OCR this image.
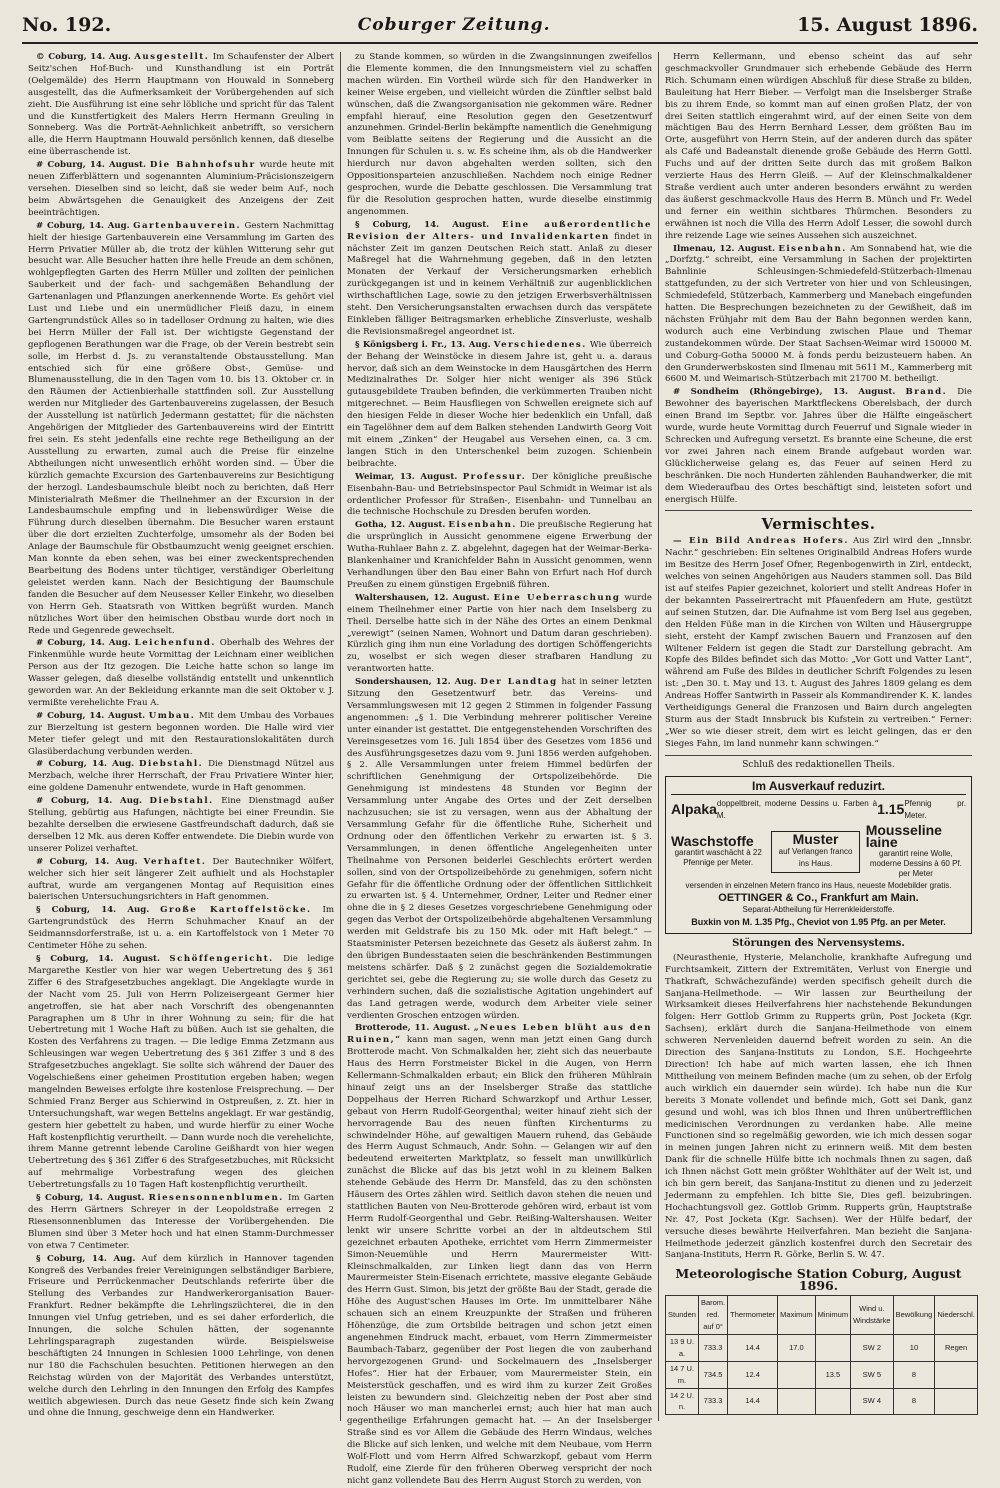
No. 192.	Coburger Zeitung.	15. August 1896.

© Coburg, 14. Aug. Ausgestellt. Im Schaufenster der Albert Seitz'schen Hof-Buch- und Kunsthandlung ist ein Porträt (Oelgemälde) des Herrn Hauptmann von Houwald in Sonneberg ausgestellt, das die Aufmerksamkeit der Vorübergehenden auf sich zieht. Die Ausführung ist eine sehr löbliche und spricht für das Talent und die Kunstfertigkeit des Malers Herrn Hermann Greuling in Sonneberg. Was die Porträt-Aehnlichkeit anbetrifft, so versichern alle, die Herrn Hauptmann Houwald persönlich kennen, daß dieselbe eine überraschende ist.

# Coburg, 14. August. Die Bahnhofsuhr wurde heute mit neuen Zifferblättern und sogenannten Aluminium-Präcisionszeigern versehen. Dieselben sind so leicht, daß sie weder beim Auf-, noch beim Abwärtsgehen die Genauigkeit des Anzeigens der Zeit beeinträchtigen.

# Coburg, 14. Aug. Gartenbauverein. Gestern Nachmittag hielt der hiesige Gartenbauverein eine Versammlung im Garten des Herrn Privatier Müller ab, die trotz der kühlen Witterung sehr gut besucht war. Alle Besucher hatten ihre helle Freude an dem schönen, wohlgepflegten Garten des Herrn Müller und zollten der peinlichen Sauberkeit und der fach- und sachgemäßen Behandlung der Gartenanlagen und Pflanzungen anerkennende Worte. Es gehört viel Lust und Liebe und ein unermüdlicher Fleiß dazu, in einem Gartengrundstück Alles so in tadelloser Ordnung zu halten, wie dies bei Herrn Müller der Fall ist. Der wichtigste Gegenstand der gepflogenen Berathungen war die Frage, ob der Verein bestrebt sein solle, im Herbst d. Js. zu veranstaltende Obstausstellung. Man entschied sich für eine größere Obst-, Gemüse- und Blumenausstellung, die in den Tagen vom 10. bis 13. Oktober cr. in den Räumen der Actienbierhalle stattfinden soll. Zur Ausstellung werden nur Mitglieder des Gartenbauvereins zugelassen, der Besuch der Ausstellung ist natürlich Jedermann gestattet; für die nächsten Angehörigen der Mitglieder des Gartenbauvereins wird der Eintritt frei sein. Es steht jedenfalls eine rechte rege Betheiligung an der Ausstellung zu erwarten, zumal auch die Preise für einzelne Abtheilungen nicht unwesentlich erhöht worden sind. — Über die kürzlich gemachte Excursion des Gartenbauvereins zur Besichtigung der herzogl. Landesbaumschule bleibt noch zu berichten, daß Herr Ministerialrath Meßmer die Theilnehmer an der Excursion in der Landesbaumschule empfing und in liebenswürdiger Weise die Führung durch dieselben übernahm. Die Besucher waren erstaunt über die dort erzielten Zuchterfolge, umsomehr als der Boden bei Anlage der Baumschule für Obstbaumzucht wenig geeignet erschien. Man konnte da eben sehen, was bei einer zweckentsprechenden Bearbeitung des Bodens unter tüchtiger, verständiger Oberleitung geleistet werden kann. Nach der Besichtigung der Baumschule fanden die Besucher auf dem Neusesser Keller Einkehr, wo dieselben von Herrn Geh. Staatsrath von Wittken begrüßt wurden. Manch nützliches Wort über den heimischen Obstbau wurde dort noch in Rede und Gegenrede gewechselt.

# Coburg, 14. Aug. Leichenfund. Oberhalb des Wehres der Finkenmühle wurde heute Vormittag der Leichnam einer weiblichen Person aus der Itz gezogen. Die Leiche hatte schon so lange im Wasser gelegen, daß dieselbe vollständig entstellt und unkenntlich geworden war. An der Bekleidung erkannte man die seit Oktober v. J. vermißte verehelichte Frau A.

# Coburg, 14. August. Umbau. Mit dem Umbau des Vorbaues zur Bierzeltung ist gestern begonnen worden. Die Halle wird vier Meter tiefer gelegt und mit den Restaurationslokalitäten durch Glasüberdachung verbunden werden.

# Coburg, 14. Aug. Diebstahl. Die Dienstmagd Nützel aus Merzbach, welche ihrer Herrschaft, der Frau Privatiere Winter hier, eine goldene Damenuhr entwendete, wurde in Haft genommen.

# Coburg, 14. Aug. Diebstahl. Eine Dienstmagd außer Stellung, gebürtig aus Hafungen, nächtigte bei einer Freundin. Sie bezahlte derselben die erwiesene Gastfreundschaft dadurch, daß sie derselben 12 Mk. aus deren Koffer entwendete. Die Diebin wurde von unserer Polizei verhaftet.

# Coburg, 14. Aug. Verhaftet. Der Bautechniker Wölfert, welcher sich hier seit längerer Zeit aufhielt und als Hochstapler auftrat, wurde am vergangenen Montag auf Requisition eines baierischen Untersuchungsrichters in Haft genommen.

§ Coburg, 14. Aug. Große Kartoffelstöcke. Im Gartengrundstück des Herrn Schuhmacher Knauf an der Seidmannsdorferstraße, ist u. a. ein Kartoffelstock von 1 Meter 70 Centimeter Höhe zu sehen.

§ Coburg, 14. August. Schöffengericht. Die ledige Margarethe Kestler von hier war wegen Uebertretung des § 361 Ziffer 6 des Strafgesetzbuches angeklagt. Die Angeklagte wurde in der Nacht vom 25. Juli von Herrn Polizeisergeant Germer hier angetroffen, sie hat aber nach Vorschrift des obengenannten Paragraphen um 8 Uhr in ihrer Wohnung zu sein; für die hat Uebertretung mit 1 Woche Haft zu büßen. Auch ist sie gehalten, die Kosten des Verfahrens zu tragen. — Die ledige Emma Zetzmann aus Schleusingen war wegen Uebertretung des § 361 Ziffer 3 und 8 des Strafgesetzbuches angeklagt. Sie sollte sich während der Dauer des Vogelschießens einer geheimen Prostitution ergeben haben; wegen mangelnden Beweises erfolgte ihre kostenlose Freisprechung. — Der Schmied Franz Berger aus Schierwind in Ostpreußen, z. Zt. hier in Untersuchungshaft, war wegen Bettelns angeklagt. Er war geständig, gestern hier gebettelt zu haben, und wurde hierfür zu einer Woche Haft kostenpflichtig verurtheilt. — Dann wurde noch die verehelichte, ihrem Manne getrennt lebende Caroline Geißhardt von hier wegen Uebertretung des § 361 Ziffer 6 des Strafgesetzbuches, mit Rücksicht auf mehrmalige Vorbestrafung wegen des gleichen Uebertretungsfalls zu 10 Tagen Haft kostenpflichtig verurtheilt.

§ Coburg, 14. August. Riesensonnenblumen. Im Garten des Herrn Gärtners Schreyer in der Leopoldstraße erregen 2 Riesensonnenblumen das Interesse der Vorübergehenden. Die Blumen sind über 3 Meter hoch und hat einen Stamm-Durchmesser von etwa 7 Centimeter.

§ Coburg, 14. Aug. Auf dem kürzlich in Hannover tagenden Kongreß des Verbandes freier Vereinigungen selbständiger Barbiere, Friseure und Perrückenmacher Deutschlands referirte über die Stellung des Verbandes zur Handwerkerorganisation Bauer-Frankfurt. Redner bekämpfte die Lehrlingszüchterei, die in den Innungen viel Unfug getrieben, und es sei daher erforderlich, die Innungen, die solche Schulen hätten, der sogenannte Lehrlingsparagraph zugestanden würde. Beispielsweise beschäftigten 24 Innungen in Schlesien 1000 Lehrlinge, von denen nur 180 die Fachschulen besuchten. Petitionen hierwegen an den Reichstag würden von der Majorität des Verbandes unterstützt, welche durch den Lehrling in den Innungen den Erfolg des Kampfes weitlich abgewiesen. Durch das neue Gesetz finde sich kein Zwang und ohne die Innung, geschweige denn ein Handwerker.

zu Stande kommen, so würden in die Zwangsinnungen zweifellos die Elemente kommen, die den Innungsmeistern viel zu schaffen machen würden. Ein Vortheil würde sich für den Handwerker in keiner Weise ergeben, und vielleicht würden die Zünftler selbst bald wünschen, daß die Zwangsorganisation nie gekommen wäre. Redner empfahl hierauf, eine Resolution gegen den Gesetzentwurf anzunehmen. Grindel-Berlin bekämpfte namentlich die Genehmigung vom Beiblatte seitens der Regierung und die Aussicht an die Innungen für Schulen u. s. w. Es scheine ihm, als ob die Handwerker hierdurch nur davon abgehalten werden sollten, sich den Oppositionsparteien anzuschließen. Nachdem noch einige Redner gesprochen, wurde die Debatte geschlossen. Die Versammlung trat für die Resolution gesprochen hatten, wurde dieselbe einstimmig angenommen.

§ Coburg, 14. August. Eine außerordentliche Revision der Alters- und Invalidenkarten findet in nächster Zeit im ganzen Deutschen Reich statt. Anlaß zu dieser Maßregel hat die Wahrnehmung gegeben, daß in den letzten Monaten der Verkauf der Versicherungsmarken erheblich zurückgegangen ist und in keinem Verhältniß zur augenblicklichen wirthschaftlichen Lage, sowie zu den jetzigen Erwerbsverhältnissen steht. Den Versicherungsanstalten erwachsen durch das verspätete Einkleben fälliger Beitragsmarken erhebliche Zinsverluste, weshalb die Revisionsmaßregel angeordnet ist.

§ Königsberg i. Fr., 13. Aug. Verschiedenes. Wie überreich der Behang der Weinstöcke in diesem Jahre ist, geht u. a. daraus hervor, daß sich an dem Weinstocke in dem Hausgärtchen des Herrn Medizinalrathes Dr. Solger hier nicht weniger als 396 Stück gutausgebildete Trauben befinden, die verkümmerten Trauben nicht mitgerechnet. — Beim Hausfliegen von Schwellen ereignete sich auf den hiesigen Felde in dieser Woche hier bedenklich ein Unfall, daß ein Tagelöhner dem auf dem Balken stehenden Landwirth Georg Voit mit einem „Zinken“ der Heugabel aus Versehen einen, ca. 3 cm. langen Stich in den Unterschenkel beim zuzogen. Schienbein beibrachte.

Weimar, 13. August. Professur. Der königliche preußische Eisenbahn-Bau- und Betriebsinspector Paul Schmidt in Weimar ist als ordentlicher Professor für Straßen-, Eisenbahn- und Tunnelbau an die technische Hochschule zu Dresden berufen worden.

Gotha, 12. August. Eisenbahn. Die preußische Regierung hat die ursprünglich in Aussicht genommene eigene Erwerbung der Wutha-Ruhlaer Bahn z. Z. abgelehnt, dagegen hat der Weimar-Berka-Blankenhainer und Kranichfelder Bahn in Aussicht genommen, wenn Verhandlungen über den Bau einer Bahn von Erfurt nach Hof durch Preußen zu einem günstigen Ergebniß führen.

Waltershausen, 12. August. Eine Ueberraschung wurde einem Theilnehmer einer Partie von hier nach dem Inselsberg zu Theil. Derselbe hatte sich in der Nähe des Ortes an einem Denkmal „verewigt“ (seinen Namen, Wohnort und Datum daran geschrieben). Kürzlich ging ihm nun eine Vorladung des dortigen Schöffengerichts zu, woselbst er sich wegen dieser strafbaren Handlung zu verantworten hatte.

Sondershausen, 12. Aug. Der Landtag hat in seiner letzten Sitzung den Gesetzentwurf betr. das Vereins- und Versammlungswesen mit 12 gegen 2 Stimmen in folgender Fassung angenommen: „§ 1. Die Verbindung mehrerer politischer Vereine unter einander ist gestattet. Die entgegenstehenden Vorschriften des Vereinsgesetzes vom 16. Juli 1854 über des Gesetzes vom 1856 und des Ausführungsgesetzes dazu vom 9. Juni 1856 werden aufgehoben. § 2. Alle Versammlungen unter freiem Himmel bedürfen der schriftlichen Genehmigung der Ortspolizeibehörde. Die Genehmigung ist mindestens 48 Stunden vor Beginn der Versammlung unter Angabe des Ortes und der Zeit derselben nachzusuchen; sie ist zu versagen, wenn aus der Abhaltung der Versammlung Gefahr für die öffentliche Ruhe, Sicherheit und Ordnung oder den öffentlichen Verkehr zu erwarten ist. § 3. Versammlungen, in denen öffentliche Angelegenheiten unter Theilnahme von Personen beiderlei Geschlechts erörtert werden sollen, sind von der Ortspolizeibehörde zu genehmigen, sofern nicht Gefahr für die öffentliche Ordnung oder der öffentlichen Sittlichkeit zu erwarten ist. § 4. Unternehmer, Ordner, Leiter und Redner einer ohne die in § 2 dieses Gesetzes vorgeschriebene Genehmigung oder gegen das Verbot der Ortspolizeibehörde abgehaltenen Versammlung werden mit Geldstrafe bis zu 150 Mk. oder mit Haft belegt.“ — Staatsminister Petersen bezeichnete das Gesetz als äußerst zahm. In den übrigen Bundesstaaten seien die beschränkenden Bestimmungen meistens schärfer. Daß § 2 zunächst gegen die Sozialdemokratie gerichtet sei, gebe die Regierung zu; sie wolle durch das Gesetz zu verhindern suchen, daß die sozialistische Agitation ungehindert auf das Land getragen werde, wodurch dem Arbeiter viele seiner verdienten Groschen entzogen würden.

Brotterode, 11. August. „Neues Leben blüht aus den Ruinen,“ kann man sagen, wenn man jetzt einen Gang durch Brotterode macht. Von Schmalkalden her, zieht sich das neuerbaute Haus des Herrn Forstmeister Bickel in die Augen, von Herrn Kellermann-Schmalkalden erbaut; ein Blick den früheren Mühlrain hinauf zeigt uns an der Inselsberger Straße das stattliche Doppelhaus der Herren Richard Schwarzkopf und Arthur Lesser, gebaut von Herrn Rudolf-Georgenthal; weiter hinauf zieht sich der hervorragende Bau des neuen fünften Kirchenturms zu schwindelnder Höhe, auf gewaltigen Mauern ruhend, das Gebäude des Herrn August Schmauch, Andr. Sohn. — Gelangen wir auf den bedeutend erweiterten Marktplatz, so fesselt man unwillkürlich zunächst die Blicke auf das bis jetzt wohl in zu kleinem Balken stehende Gebäude des Herrn Dr. Mansfeld, das zu den schönsten Häusern des Ortes zählen wird. Seitlich davon stehen die neuen und stattlichen Bauten von Neu-Brotterode gehören wird, erbaut ist vom Herrn Rudolf-Georgenthal und Gebr. Reißing-Waltershausen. Weiter lenkt wir unsere Schritte vorbei an der in altdeutschem Stil gezeichnet erbauten Apotheke, errichtet vom Herrn Zimmermeister Simon-Neuemühle und Herrn Maurermeister Witt-Kleinschmalkalden, zur Linken liegt dann das von Herrn Maurermeister Stein-Eisenach errichtete, massive elegante Gebäude des Herrn Gust. Simon, bis jetzt der größte Bau der Stadt, gerade die Höhe des August'schen Hauses im Orte. Im unmittelbarer Nähe schauen sich an einem Kreuzpunkte der Straßen und früheren Höhenzüge, die zum Ortsbilde beitragen und schon jetzt einen angenehmen Eindruck macht, erbauet, vom Herrn Zimmermeister Baumbach-Tabarz, gegenüber der Post liegen die von zauberhand hervorgezogenen Grund- und Sockelmauern des „Inselsberger Hofes“. Hier hat der Erbauer, vom Maurermeister Stein, ein Meisterstück geschaffen, und es wird ihm zu kurzer Zeit Großes leisten zu bewundern sind. Gleichzeitig neben der Post aber sind noch Häuser wo man mancherlei ernst; auch hier hat man auch gegentheilige Erfahrungen gemacht hat. — An der Inselsberger Straße sind es vor Allem die Gebäude des Herrn Windaus, welches die Blicke auf sich lenken, und welche mit dem Neubaue, vom Herrn Wolf-Flott und vom Herrn Alfred Schwarzkopf, gebaut vom Herrn Rudolf, eine Zierde für den früheren Oberweg verspricht der noch nicht ganz vollendete Bau des Herrn August Storch zu werden, von

Herrn Kellermann, und ebenso scheint das auf sehr geschmackvoller Grundmauer sich erhebende Gebäude des Herrn Rich. Schumann einen würdigen Abschluß für diese Straße zu bilden, Bauleitung hat Herr Bieber. — Verfolgt man die Inselsberger Straße bis zu ihrem Ende, so kommt man auf einen großen Platz, der von drei Seiten stattlich eingerahmt wird, auf der einen Seite von dem mächtigen Bau des Herrn Bernhard Lesser, dem größten Bau im Orte, ausgeführt von Herrn Stein, auf der anderen durch das später als Café und Badeanstalt dienende große Gebäude des Herrn Gottl. Fuchs und auf der dritten Seite durch das mit großem Balkon verzierte Haus des Herrn Gleiß. — Auf der Kleinschmalkaldener Straße verdient auch unter anderen besonders erwähnt zu werden das äußerst geschmackvolle Haus des Herrn B. Münch und Fr. Wedel und ferner ein weithin sichtbares Thürmchen. Besonders zu erwähnen ist noch die Villa des Herrn Adolf Lesser, die sowohl durch ihre reizende Lage wie seines Aussehen sich auszeichnet.

Ilmenau, 12. August. Eisenbahn. Am Sonnabend hat, wie die „Dorfztg.“ schreibt, eine Versammlung in Sachen der projektirten Bahnlinie Schleusingen-Schmiedefeld-Stützerbach-Ilmenau stattgefunden, zu der sich Vertreter von hier und von Schleusingen, Schmiedefeld, Stützerbach, Kammerberg und Manebach eingefunden hatten. Die Besprechungen bezeichneten zu der Gewißheit, daß im nächsten Frühjahr mit dem Bau der Bahn begonnen werden kann, wodurch auch eine Verbindung zwischen Plaue und Themar zustandekommen würde. Der Staat Sachsen-Weimar wird 150000 M. und Coburg-Gotha 50000 M. à fonds perdu beizusteuern haben. An den Grunderwerbskosten sind Ilmenau mit 5611 M., Kammerberg mit 6600 M. und Weimarisch-Stützerbach mit 21700 M. betheiligt.

# Sondheim (Rhöngebirge), 13. August. Brand. Die Bewohner des bayerischen Marktfleckens Oberelsbach, der durch einen Brand im Septbr. vor. Jahres über die Hälfte eingeäschert wurde, wurde heute Vormittag durch Feuerruf und Signale wieder in Schrecken und Aufregung versetzt. Es brannte eine Scheune, die erst vor zwei Jahren nach einem Brande aufgebaut worden war. Glücklicherweise gelang es, das Feuer auf seinen Herd zu beschränken. Die noch Hunderten zählenden Bauhandwerker, die mit dem Wiederaufbau des Ortes beschäftigt sind, leisteten sofort und energisch Hülfe.

Vermischtes.

— Ein Bild Andreas Hofers. Aus Zirl wird den „Innsbr. Nachr.“ geschrieben: Ein seltenes Originalbild Andreas Hofers wurde im Besitze des Herrn Josef Ofner, Regenbogenwirth in Zirl, entdeckt, welches von seinen Angehörigen aus Nauders stammen soll. Das Bild ist auf steifes Papier gezeichnet, koloriert und stellt Andreas Hofer in der bekannten Passeirertracht mit Pfauenfedern am Hute, gestützt auf seinen Stutzen, dar. Die Aufnahme ist vom Berg Isel aus gegeben, den Helden Füße man in die Kirchen von Wilten und Häusergruppe sieht, ersteht der Kampf zwischen Bauern und Franzosen auf den Wiltener Feldern ist gegen die Stadt zur Darstellung gebracht. Am Kopfe des Bildes befindet sich das Motto: „Vor Gott und Vatter Lant“, während am Fuße des Bildes in deutlicher Schrift Folgendes zu lesen ist: „Den 30. t. May und 13. t. August des Jahres 1809 gelang es dem Andreas Hoffer Santwirth in Passeir als Kommandirender K. K. landes Vertheidigungs General die Franzosen und Bairn durch angelegten Sturm aus der Stadt Innsbruck bis Kufstein zu vertreiben.“ Ferner: „Wer so wie dieser streit, dem wirt es leicht gelingen, das er den Sieges Fahn, im land nunmehr kann schwingen.“

Schluß des redaktionellen Theils.
Im Ausverkauf reduzirt.
Alpaka doppeltbreit, moderne Dessins u. Farben à M.	1.15 Pfennig pr. Meter.
Waschstoffe
garantirt waschächt à 22 Pfennige per Meter.
Muster
auf Verlangen franco ins Haus.
Mousseline laine
garantirt reine Wolle, moderne Dessins à 60 Pf. per Meter
versenden in einzelnen Metern franco ins Haus, neueste Modebilder gratis.
OETTINGER & Co., Frankfurt am Main.
Separat-Abtheilung für Herrenkleiderstoffe.
Buxkin von M. 1.35 Pfg., Cheviot von 1.95 Pfg. an per Meter.
Störungen des Nervensystems.

(Neurasthenie, Hysterie, Melancholie, krankhafte Aufregung und Furchtsamkeit, Zittern der Extremitäten, Verlust von Energie und Thatkraft, Schwächezufände) werden specifisch geheilt durch die Sanjana-Heilmethode. — Wir lassen zur Beurtheilung der Wirksamkeit dieses Heilverfahrens hier nachstehende Bekundungen folgen: Herr Gottlob Grimm zu Rupperts grün, Post Jocketa (Kgr. Sachsen), erklärt durch die Sanjana-Heilmethode von einem schweren Nervenleiden dauernd befreit worden zu sein. An die Direction des Sanjana-Instituts zu London, S.E. Hochgeehrte Direction! Ich habe auf mich warten lassen, ehe ich Ihnen Mittheilung von meinem Befinden mache (um zu sehen, ob der Erfolg auch wirklich ein dauernder sein würde). Ich habe nun die Kur bereits 3 Monate vollendet und befinde mich, Gott sei Dank, ganz gesund und wohl, was ich blos Ihnen und Ihren unübertrefflichen medicinischen Verordnungen zu verdanken habe. Alle meine Functionen sind so regelmäßig geworden, wie ich mich dessen sogar in meinen jungen Jahren nicht zu erinnern weiß. Mit dem besten Dank für die schnelle Hülfe bitte ich nochmals Ihnen zu sagen, daß ich Ihnen nächst Gott mein größter Wohlthäter auf der Welt ist, und ich bin gern bereit, das Sanjana-Institut zu dienen und zu jederzeit Jedermann zu empfehlen. Ich bitte Sie, Dies gefl. beizubringen. Hochachtungsvoll gez. Gottlob Grimm. Rupperts grün, Hauptstraße Nr. 47, Post Jocketa (Kgr. Sachsen). Wer der Hülfe bedarf, der versuche dieses bewährte Heilverfahren. Man bezieht die Sanjana-Heilmethode jederzeit gänzlich kostenfrei durch den Secretair des Sanjana-Instituts, Herrn R. Görke, Berlin S. W. 47.

Meteorologische Station Coburg, August 1896.
Stunden	Barom. red. auf 0°	Thermometer	Maximum	Minimum	Wind u. Windstärke	Bewölkung	Niederschl.
13 9 U. a.	733.3	14.4	17.0		SW 2	10	Regen
14 7 U. m.	734.5	12.4		13.5	SW 5	8	
14 2 U. n.	733.3	14.4			SW 4	8	
